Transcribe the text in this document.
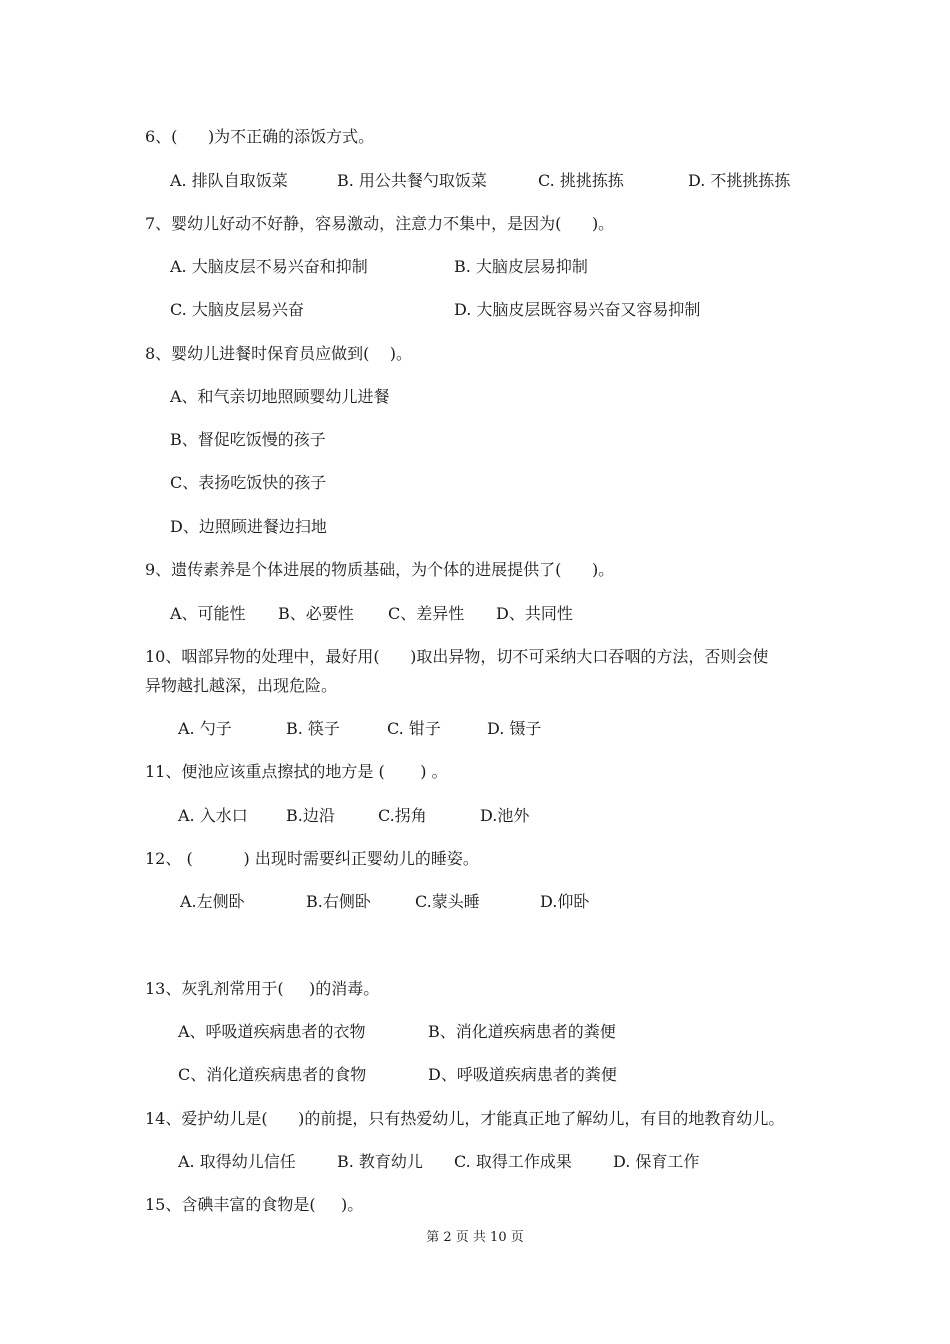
6、(      )为不正确的添饭方式。

A. 排队自取饭菜	B. 用公共餐勺取饭菜	C. 挑挑拣拣	D. 不挑挑拣拣

7、婴幼儿好动不好静，容易激动，注意力不集中，是因为(      )。

A. 大脑皮层不易兴奋和抑制	B. 大脑皮层易抑制
C. 大脑皮层易兴奋	D. 大脑皮层既容易兴奋又容易抑制

8、婴幼儿进餐时保育员应做到(    )。

A、和气亲切地照顾婴幼儿进餐
B、督促吃饭慢的孩子
C、表扬吃饭快的孩子
D、边照顾进餐边扫地

9、遗传素养是个体进展的物质基础，为个体的进展提供了(      )。

A、可能性 B、必要性 C、差异性 D、共同性

10、咽部异物的处理中，最好用(      )取出异物，切不可采纳大口吞咽的方法，否则会使

异物越扎越深，出现危险。

A. 勺子	B. 筷子	C. 钳子	D. 镊子

11、便池应该重点擦拭的地方是 (       ) 。

A. 入水口 B.边沿	C.拐角	D.池外

12、 (          ) 出现时需要纠正婴幼儿的睡姿。

A.左侧卧	B.右侧卧	C.蒙头睡	D.仰卧

13、灰乳剂常用于(     )的消毒。

A、呼吸道疾病患者的衣物	B、消化道疾病患者的粪便
C、消化道疾病患者的食物	D、呼吸道疾病患者的粪便

14、爱护幼儿是(      )的前提，只有热爱幼儿，才能真正地了解幼儿，有目的地教育幼儿。

A. 取得幼儿信任	B. 教育幼儿 C. 取得工作成果	D. 保育工作

15、含碘丰富的食物是(     )。

第 2 页 共 10 页
